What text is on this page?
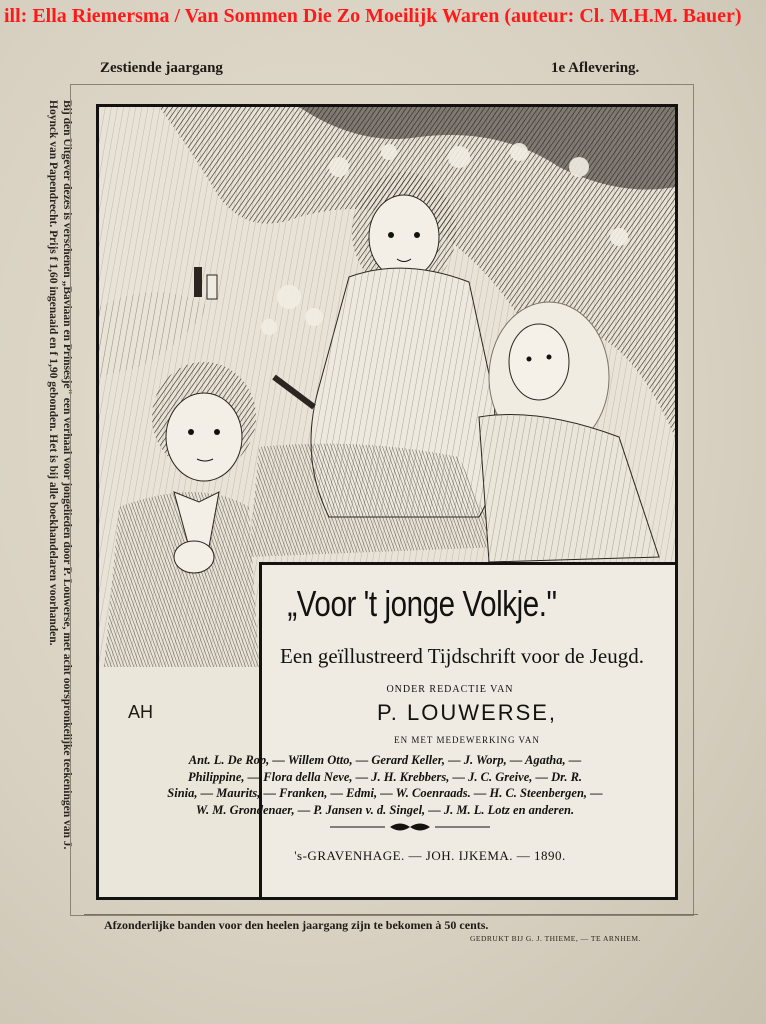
ill: Ella Riemersma / Van Sommen Die Zo Moeilijk Waren (auteur: Cl. M.H.M. Bauer)
Zestiende jaargang	1e Aflevering.
Bij den Uitgever dezes is verschenen „Baviaan en Prinsesje" een verhaal voor jongelieden door P. Louwerse, met acht oorspronkelijke teekeningen van J. Hoynck van Papendrecht. Prijs f 1,60 ingenaaid en f 1,90 gebonden. Het is bij alle boekhandelaren voorhanden.	„Voor 't jonge Volkje."
Een geïllustreerd Tijdschrift voor de Jeugd.
ONDER REDACTIE VAN
P. LOUWERSE,
EN MET MEDEWERKING VAN
AH
Ant. L. De Rop, — Willem Otto, — Gerard Keller, — J. Worp, — Agatha, —
Philippine, — Flora della Neve, — J. H. Krebbers, — J. C. Greive, — Dr. R.
Sinia, — Maurits, — Franken, — Edmi, — W. Coenraads. — H. C. Steenbergen, —
W. M. Grondenaer, — P. Jansen v. d. Singel, — J. M. L. Lotz en anderen.
's-GRAVENHAGE. — JOH. IJKEMA. — 1890.
Afzonderlijke banden voor den heelen jaargang zijn te bekomen à 50 cents.
GEDRUKT BIJ G. J. THIEME, — TE ARNHEM.
